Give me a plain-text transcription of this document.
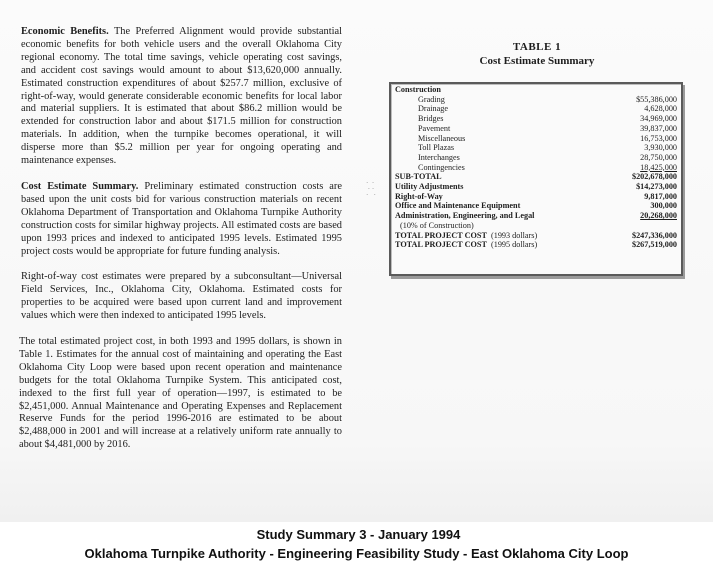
Economic Benefits. The Preferred Alignment would provide substantial economic benefits for both vehicle users and the overall Oklahoma City regional economy. The total time savings, vehicle operating cost savings, and accident cost savings would amount to about $13,620,000 annually. Estimated construction expenditures of about $257.7 million, exclusive of right-of-way, would generate considerable economic benefits for local labor and material suppliers. It is estimated that about $86.2 million would be extended for construction labor and about $171.5 million for construction materials. In addition, when the turnpike becomes operational, it will disperse more than $5.2 million per year for ongoing operating and maintenance expenses.

Cost Estimate Summary. Preliminary estimated construction costs are based upon the unit costs bid for various construction materials on recent Oklahoma Department of Transportation and Oklahoma Turnpike Authority construction costs for similar highway projects. All estimated costs are based upon 1993 prices and indexed to anticipated 1995 levels. Estimated 1995 project costs would be appropriate for future funding analysis.

Right-of-way cost estimates were prepared by a subconsultant—Universal Field Services, Inc., Oklahoma City, Oklahoma. Estimated costs for properties to be acquired were based upon current land and improvement values which were then indexed to anticipated 1995 levels.

The total estimated project cost, in both 1993 and 1995 dollars, is shown in Table 1. Estimates for the annual cost of maintaining and operating the East Oklahoma City Loop were based upon recent operation and maintenance budgets for the total Oklahoma Turnpike System. This anticipated cost, indexed to the first full year of operation—1997, is estimated to be $2,451,000. Annual Maintenance and Operating Expenses and Replacement Reserve Funds for the period 1996-2016 are estimated to be about $2,488,000 in 2001 and will increase at a relatively uniform rate annually to about $4,481,000 by 2016.

TABLE 1
Cost Estimate Summary
·  ·
· ·
·   ·
Construction	
Grading	$55,386,000
Drainage	4,628,000
Bridges	34,969,000
Pavement	39,837,000
Miscellaneous	16,753,000
Toll Plazas	3,930,000
Interchanges	28,750,000
Contingencies	18,425,000
SUB-TOTAL	$202,678,000
Utility Adjustments	$14,273,000
Right-of-Way	9,817,000
Office and Maintenance Equipment	300,000
Administration, Engineering, and Legal	20,268,000
(10% of Construction)	
TOTAL PROJECT COST (1993 dollars)	$247,336,000
TOTAL PROJECT COST (1995 dollars)	$267,519,000
Study Summary 3 - January 1994
Oklahoma Turnpike Authority - Engineering Feasibility Study - East Oklahoma City Loop
